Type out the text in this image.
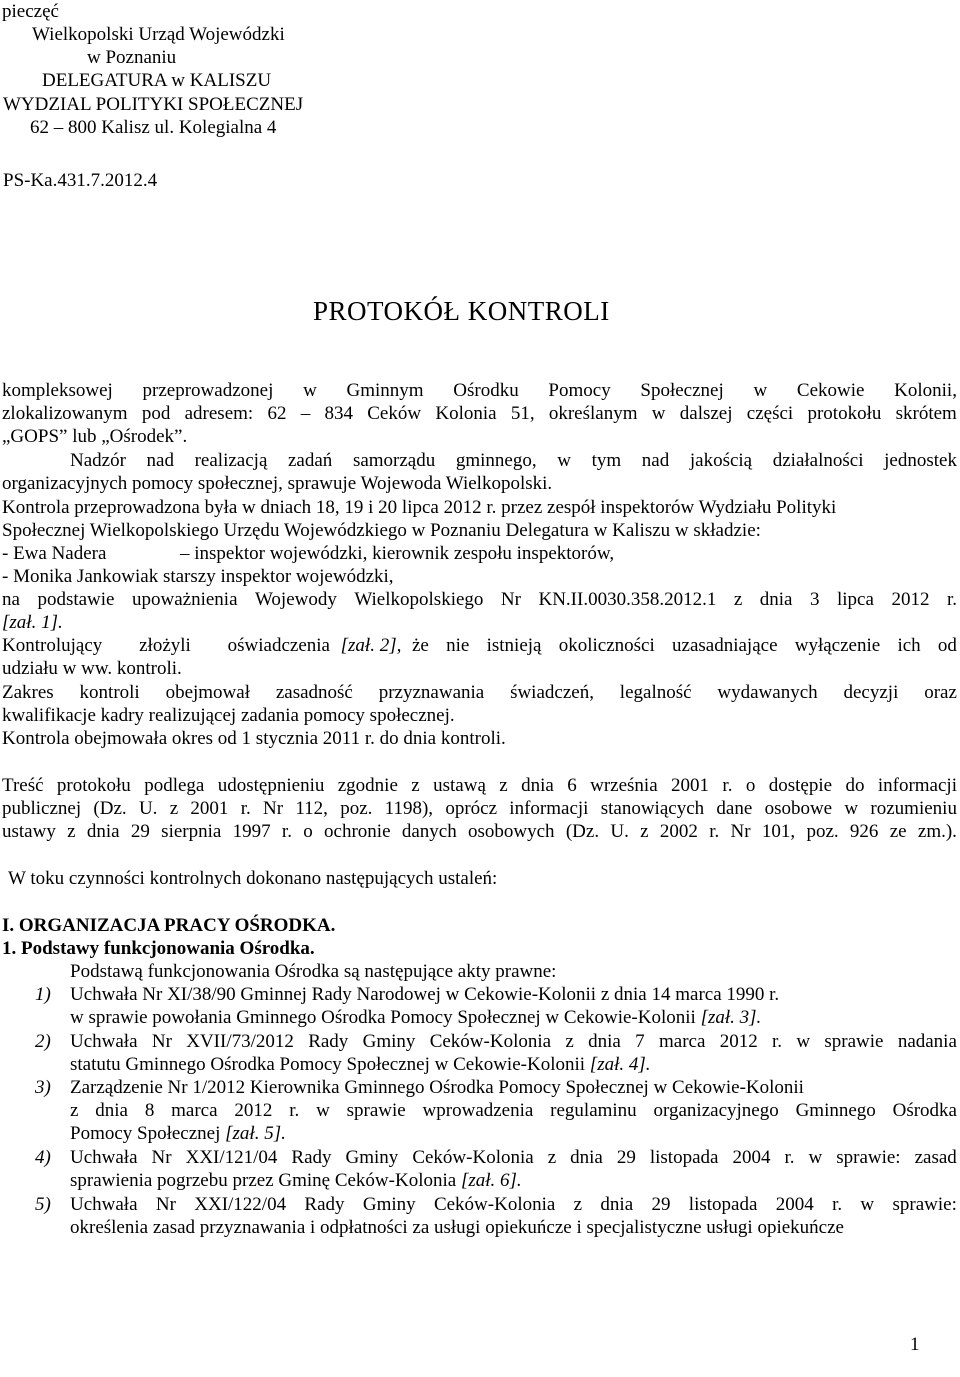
pieczęć
Wielkopolski Urząd Wojewódzki
w Poznaniu
DELEGATURA w KALISZU
WYDZIAL POLITYKI SPOŁECZNEJ
62 – 800 Kalisz ul. Kolegialna 4
PS-Ka.431.7.2012.4
PROTOKÓŁ KONTROLI
kompleksowej przeprowadzonej w Gminnym Ośrodku Pomocy Społecznej w Cekowie Kolonii,
zlokalizowanym pod adresem: 62 – 834 Ceków Kolonia 51, określanym w dalszej części protokołu skrótem
„GOPS” lub „Ośrodek”.
Nadzór nad realizacją zadań samorządu gminnego, w tym nad jakością działalności jednostek
organizacyjnych pomocy społecznej, sprawuje Wojewoda Wielkopolski.
Kontrola przeprowadzona była w dniach 18, 19 i 20 lipca 2012 r. przez zespół inspektorów Wydziału Polityki
Społecznej Wielkopolskiego Urzędu Wojewódzkiego w Poznaniu Delegatura w Kaliszu w składzie:
- Ewa Nadera	– inspektor wojewódzki, kierownik zespołu inspektorów,
- Monika Jankowiak starszy inspektor wojewódzki,
na podstawie upoważnienia Wojewody Wielkopolskiego Nr KN.II.0030.358.2012.1 z dnia 3 lipca 2012 r.
[zał. 1].
Kontrolujący złożyli oświadczenia [zał. 2], że nie istnieją okoliczności uzasadniające wyłączenie ich od
udziału w ww. kontroli.
Zakres kontroli obejmował zasadność przyznawania świadczeń, legalność wydawanych decyzji oraz
kwalifikacje kadry realizującej zadania pomocy społecznej.
Kontrola obejmowała okres od 1 stycznia 2011 r. do dnia kontroli.
Treść protokołu podlega udostępnieniu zgodnie z ustawą z dnia 6 września 2001 r. o dostępie do informacji
publicznej (Dz. U. z 2001 r. Nr 112, poz. 1198), oprócz informacji stanowiących dane osobowe w rozumieniu
ustawy z dnia 29 sierpnia 1997 r. o ochronie danych osobowych (Dz. U. z 2002 r. Nr 101, poz. 926 ze zm.).
W toku czynności kontrolnych dokonano następujących ustaleń:
I. ORGANIZACJA PRACY OŚRODKA.
1. Podstawy funkcjonowania Ośrodka.
Podstawą funkcjonowania Ośrodka są następujące akty prawne:
1) Uchwała Nr XI/38/90 Gminnej Rady Narodowej w Cekowie-Kolonii z dnia 14 marca 1990 r.
w sprawie powołania Gminnego Ośrodka Pomocy Społecznej w Cekowie-Kolonii [zał. 3].
2) Uchwała Nr XVII/73/2012 Rady Gminy Ceków-Kolonia z dnia 7 marca 2012 r. w sprawie nadania
statutu Gminnego Ośrodka Pomocy Społecznej w Cekowie-Kolonii [zał. 4].
3) Zarządzenie Nr 1/2012 Kierownika Gminnego Ośrodka Pomocy Społecznej w Cekowie-Kolonii
z dnia 8 marca 2012 r. w sprawie wprowadzenia regulaminu organizacyjnego Gminnego Ośrodka
Pomocy Społecznej [zał. 5].
4) Uchwała Nr XXI/121/04 Rady Gminy Ceków-Kolonia z dnia 29 listopada 2004 r. w sprawie: zasad
sprawienia pogrzebu przez Gminę Ceków-Kolonia [zał. 6].
5) Uchwała Nr XXI/122/04 Rady Gminy Ceków-Kolonia z dnia 29 listopada 2004 r. w sprawie:
określenia zasad przyznawania i odpłatności za usługi opiekuńcze i specjalistyczne usługi opiekuńcze
1
